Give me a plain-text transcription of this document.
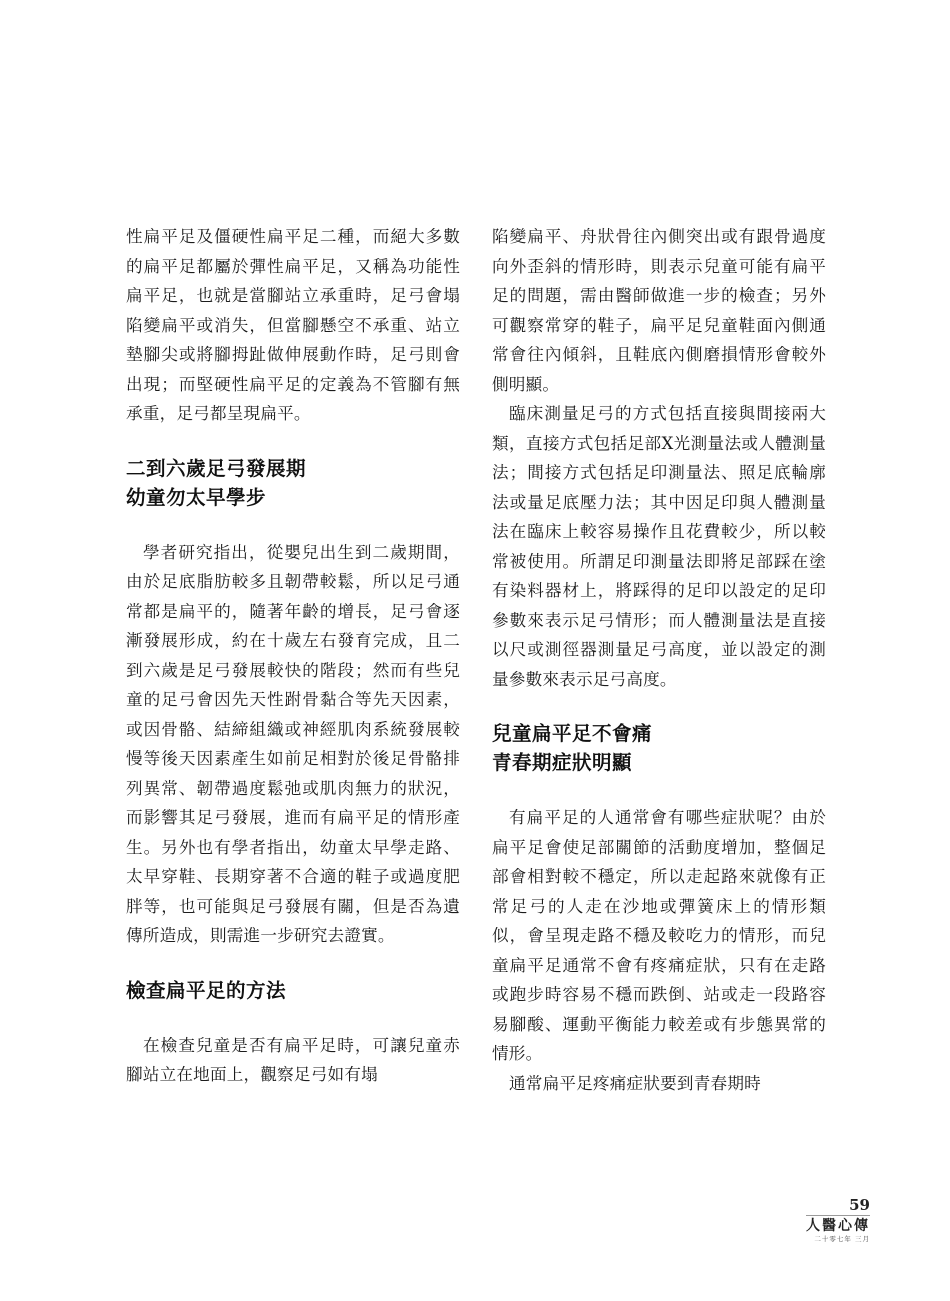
性扁平足及僵硬性扁平足二種，而絕大多數的扁平足都屬於彈性扁平足，又稱為功能性扁平足，也就是當腳站立承重時，足弓會塌陷變扁平或消失，但當腳懸空不承重、站立墊腳尖或將腳拇趾做伸展動作時，足弓則會出現；而堅硬性扁平足的定義為不管腳有無承重，足弓都呈現扁平。

二到六歲足弓發展期

幼童勿太早學步

學者研究指出，從嬰兒出生到二歲期間，由於足底脂肪較多且韌帶較鬆，所以足弓通常都是扁平的，隨著年齡的增長，足弓會逐漸發展形成，約在十歲左右發育完成，且二到六歲是足弓發展較快的階段；然而有些兒童的足弓會因先天性跗骨黏合等先天因素，或因骨骼、結締組織或神經肌肉系統發展較慢等後天因素產生如前足相對於後足骨骼排列異常、韌帶過度鬆弛或肌肉無力的狀況，而影響其足弓發展，進而有扁平足的情形產生。另外也有學者指出，幼童太早學走路、太早穿鞋、長期穿著不合適的鞋子或過度肥胖等，也可能與足弓發展有關，但是否為遺傳所造成，則需進一步研究去證實。

檢查扁平足的方法

在檢查兒童是否有扁平足時，可讓兒童赤腳站立在地面上，觀察足弓如有塌

陷變扁平、舟狀骨往內側突出或有跟骨過度向外歪斜的情形時，則表示兒童可能有扁平足的問題，需由醫師做進一步的檢查；另外可觀察常穿的鞋子，扁平足兒童鞋面內側通常會往內傾斜，且鞋底內側磨損情形會較外側明顯。

臨床測量足弓的方式包括直接與間接兩大類，直接方式包括足部X光測量法或人體測量法；間接方式包括足印測量法、照足底輪廓法或量足底壓力法；其中因足印與人體測量法在臨床上較容易操作且花費較少，所以較常被使用。所謂足印測量法即將足部踩在塗有染料器材上，將踩得的足印以設定的足印參數來表示足弓情形；而人體測量法是直接以尺或測徑器測量足弓高度，並以設定的測量參數來表示足弓高度。

兒童扁平足不會痛

青春期症狀明顯

有扁平足的人通常會有哪些症狀呢？由於扁平足會使足部關節的活動度增加，整個足部會相對較不穩定，所以走起路來就像有正常足弓的人走在沙地或彈簧床上的情形類似，會呈現走路不穩及較吃力的情形，而兒童扁平足通常不會有疼痛症狀，只有在走路或跑步時容易不穩而跌倒、站或走一段路容易腳酸、運動平衡能力較差或有步態異常的情形。

通常扁平足疼痛症狀要到青春期時

59
人醫心傳
二十零七年 三月
